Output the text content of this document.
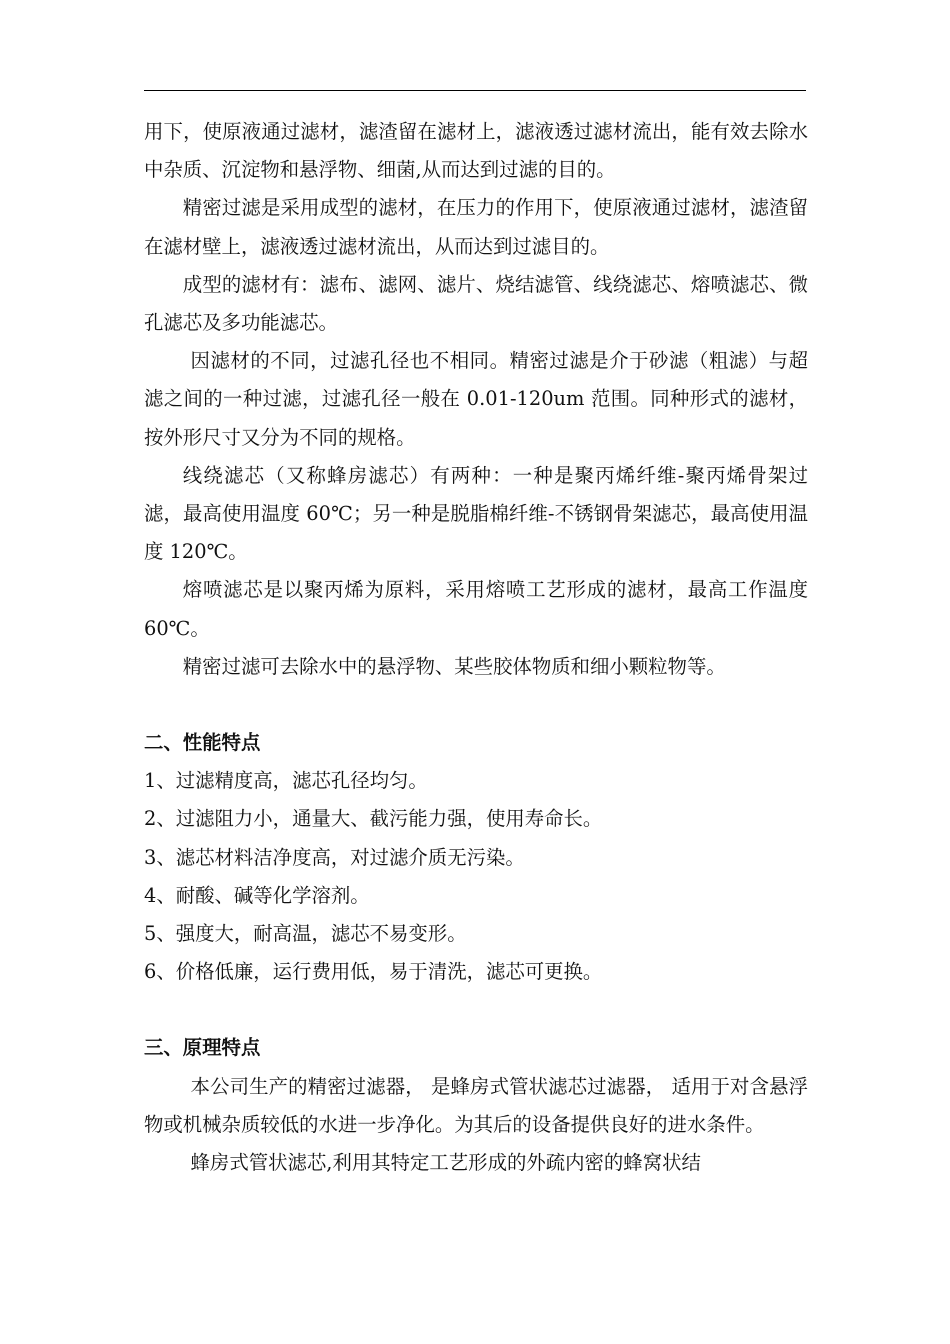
用下，使原液通过滤材，滤渣留在滤材上，滤液透过滤材流出，能有效去除水中杂质、沉淀物和悬浮物、细菌,从而达到过滤的目的。

精密过滤是采用成型的滤材，在压力的作用下，使原液通过滤材，滤渣留在滤材壁上，滤液透过滤材流出，从而达到过滤目的。

成型的滤材有：滤布、滤网、滤片、烧结滤管、线绕滤芯、熔喷滤芯、微孔滤芯及多功能滤芯。

因滤材的不同，过滤孔径也不相同。精密过滤是介于砂滤（粗滤）与超滤之间的一种过滤，过滤孔径一般在 0.01-120um 范围。同种形式的滤材，按外形尺寸又分为不同的规格。

线绕滤芯（又称蜂房滤芯）有两种：一种是聚丙烯纤维-聚丙烯骨架过滤，最高使用温度 60℃；另一种是脱脂棉纤维-不锈钢骨架滤芯，最高使用温度 120℃。

熔喷滤芯是以聚丙烯为原料，采用熔喷工艺形成的滤材，最高工作温度 60℃。

精密过滤可去除水中的悬浮物、某些胶体物质和细小颗粒物等。

二、性能特点

1、过滤精度高，滤芯孔径均匀。

2、过滤阻力小，通量大、截污能力强，使用寿命长。

3、滤芯材料洁净度高，对过滤介质无污染。

4、耐酸、碱等化学溶剂。

5、强度大，耐高温，滤芯不易变形。

6、价格低廉，运行费用低，易于清洗，滤芯可更换。

三、原理特点

本公司生产的精密过滤器， 是蜂房式管状滤芯过滤器， 适用于对含悬浮物或机械杂质较低的水进一步净化。为其后的设备提供良好的进水条件。

蜂房式管状滤芯,利用其特定工艺形成的外疏内密的蜂窝状结
